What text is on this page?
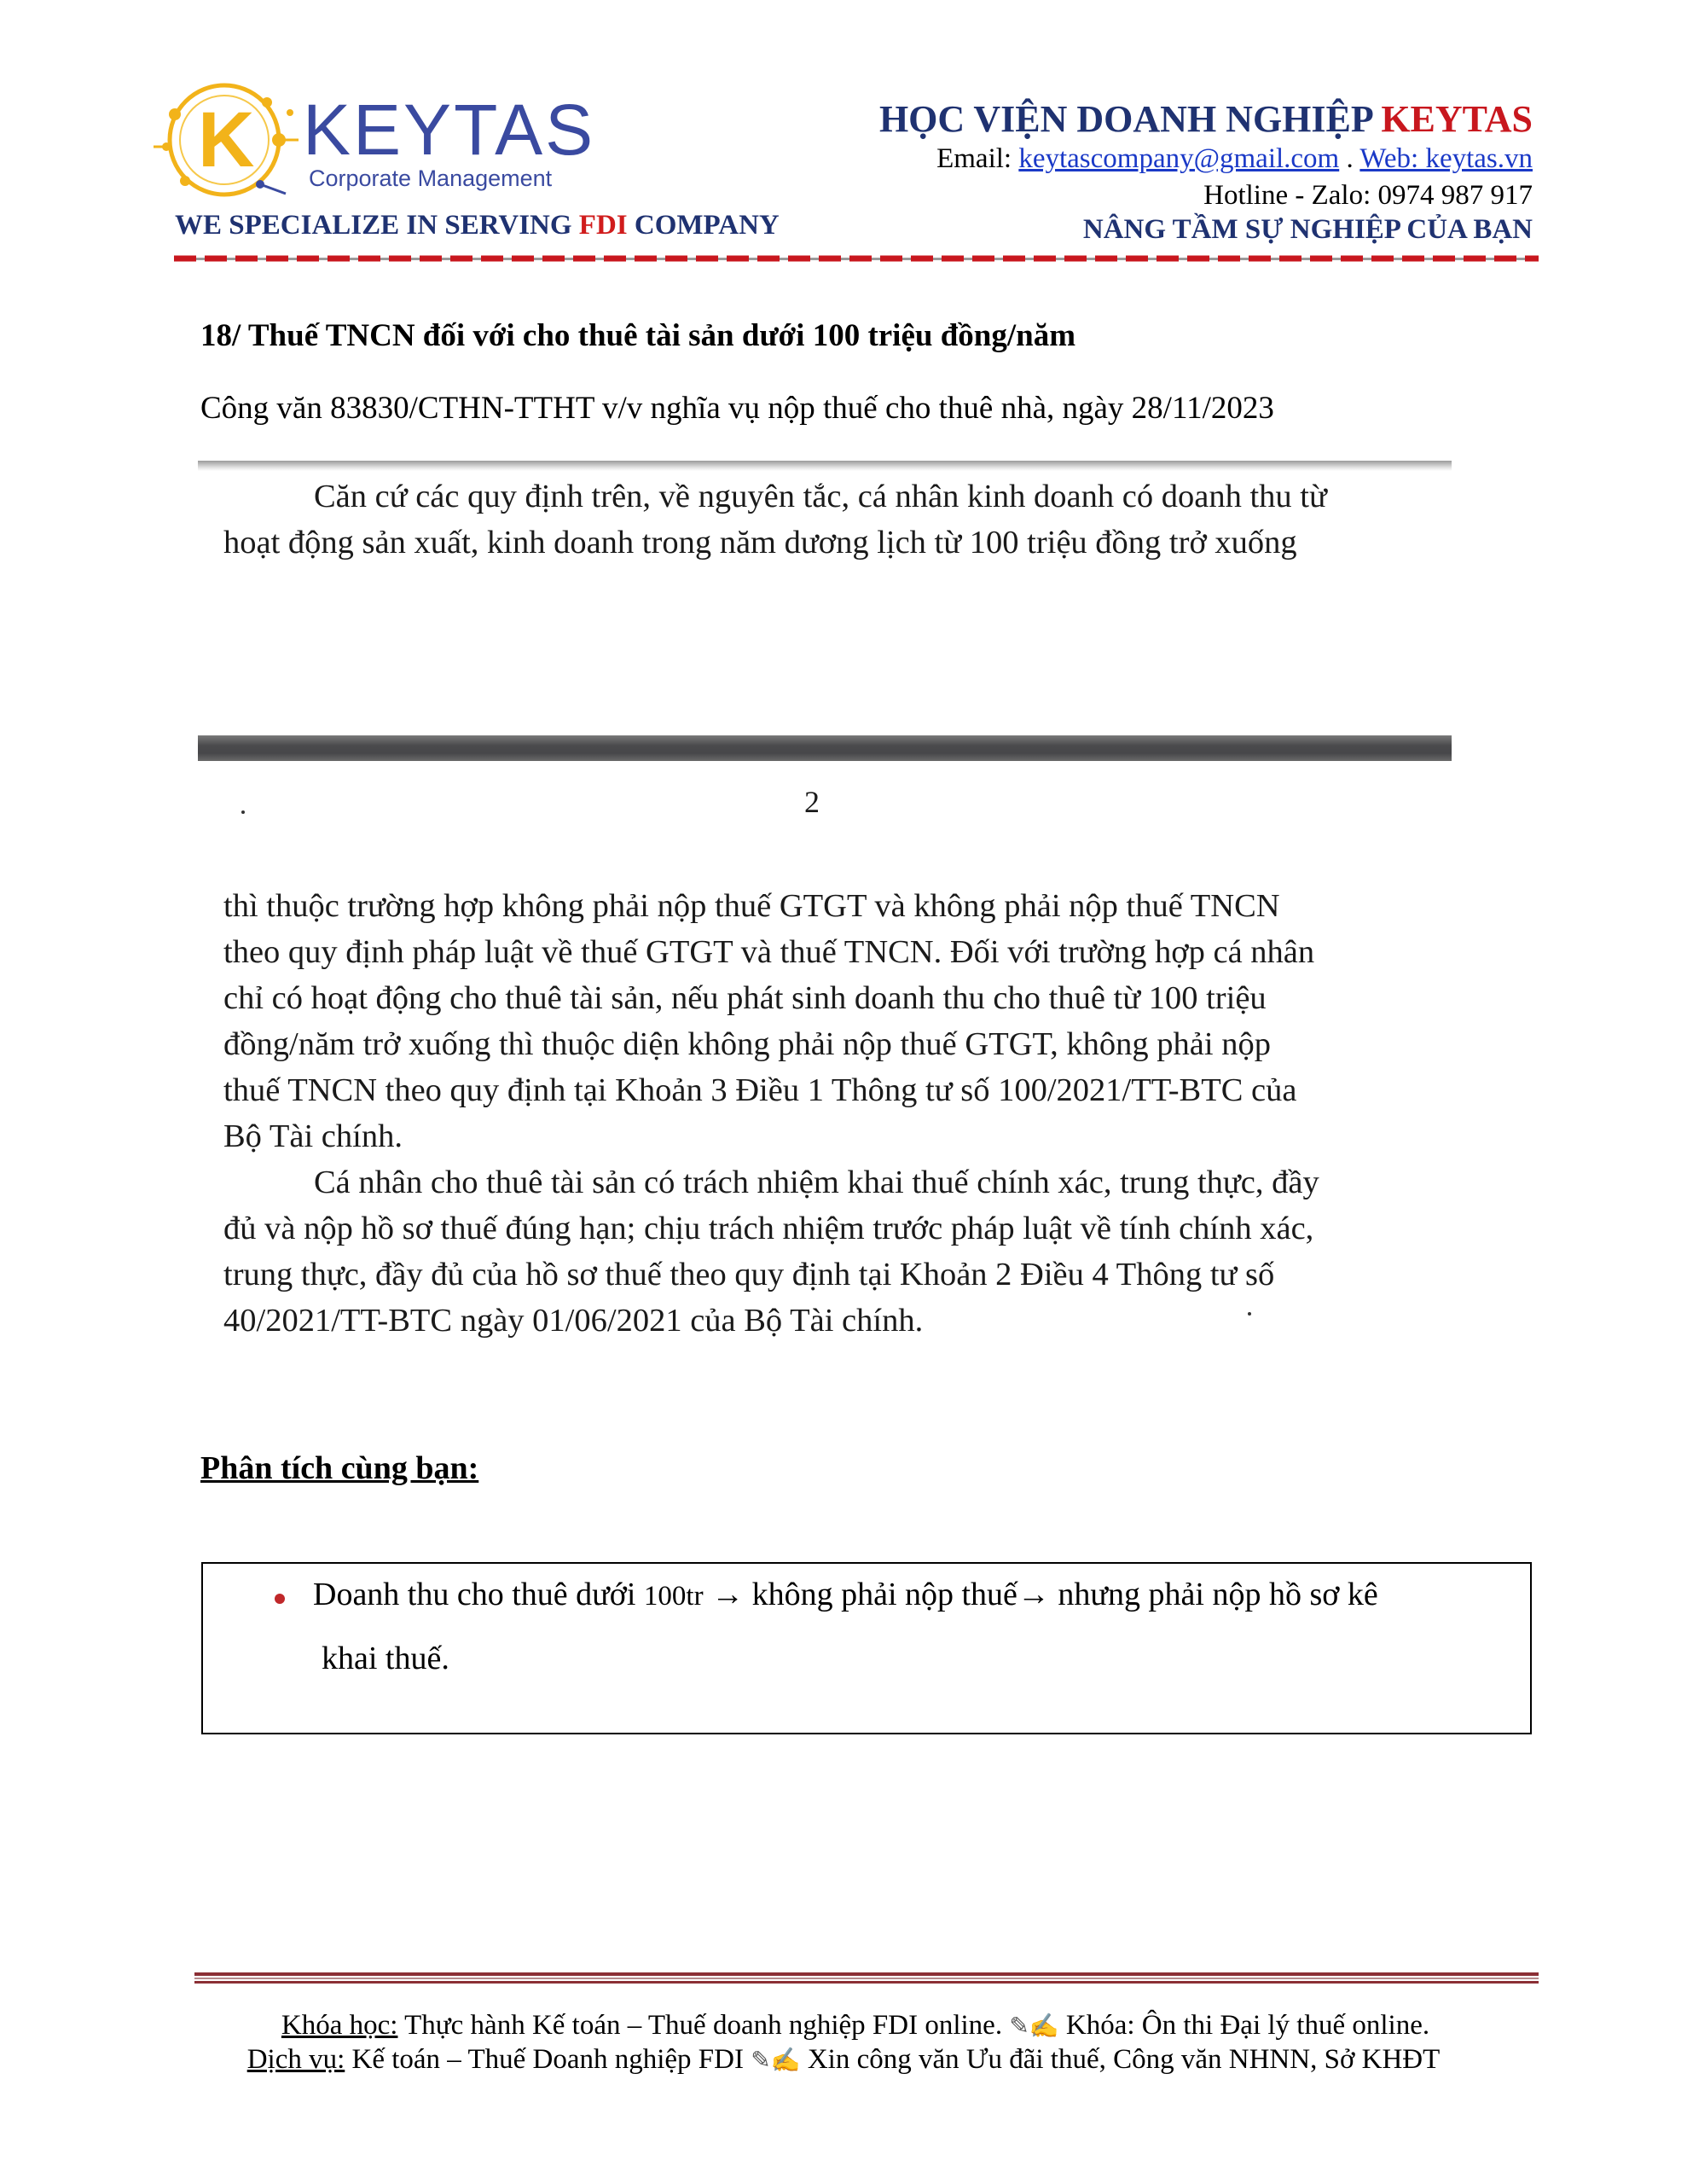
K KEYTAS
Corporate Management
WE SPECIALIZE IN SERVING FDI COMPANY
HỌC VIỆN DOANH NGHIỆP KEYTAS
Email: keytascompany@gmail.com . Web: keytas.vn
Hotline - Zalo: 0974 987 917
NÂNG TẦM SỰ NGHIỆP CỦA BẠN
18/ Thuế TNCN đối với cho thuê tài sản dưới 100 triệu đồng/năm
Công văn 83830/CTHN-TTHT v/v nghĩa vụ nộp thuế cho thuê nhà, ngày 28/11/2023
Căn cứ các quy định trên, về nguyên tắc, cá nhân kinh doanh có doanh thu từ
hoạt động sản xuất, kinh doanh trong năm dương lịch từ 100 triệu đồng trở xuống
2
thì thuộc trường hợp không phải nộp thuế GTGT và không phải nộp thuế TNCN
theo quy định pháp luật về thuế GTGT và thuế TNCN. Đối với trường hợp cá nhân
chỉ có hoạt động cho thuê tài sản, nếu phát sinh doanh thu cho thuê từ 100 triệu
đồng/năm trở xuống thì thuộc diện không phải nộp thuế GTGT, không phải nộp
thuế TNCN theo quy định tại Khoản 3 Điều 1 Thông tư số 100/2021/TT-BTC của
Bộ Tài chính.
Cá nhân cho thuê tài sản có trách nhiệm khai thuế chính xác, trung thực, đầy
đủ và nộp hồ sơ thuế đúng hạn; chịu trách nhiệm trước pháp luật về tính chính xác,
trung thực, đầy đủ của hồ sơ thuế theo quy định tại Khoản 2 Điều 4 Thông tư số
40/2021/TT-BTC ngày 01/06/2021 của Bộ Tài chính.
Phân tích cùng bạn:
Doanh thu cho thuê dưới 100tr → không phải nộp thuế→ nhưng phải nộp hồ sơ kê
khai thuế.
Khóa học: Thực hành Kế toán – Thuế doanh nghiệp FDI online. ✎✍ Khóa: Ôn thi Đại lý thuế online.
Dịch vụ: Kế toán – Thuế Doanh nghiệp FDI ✎✍ Xin công văn Ưu đãi thuế, Công văn NHNN, Sở KHĐT
